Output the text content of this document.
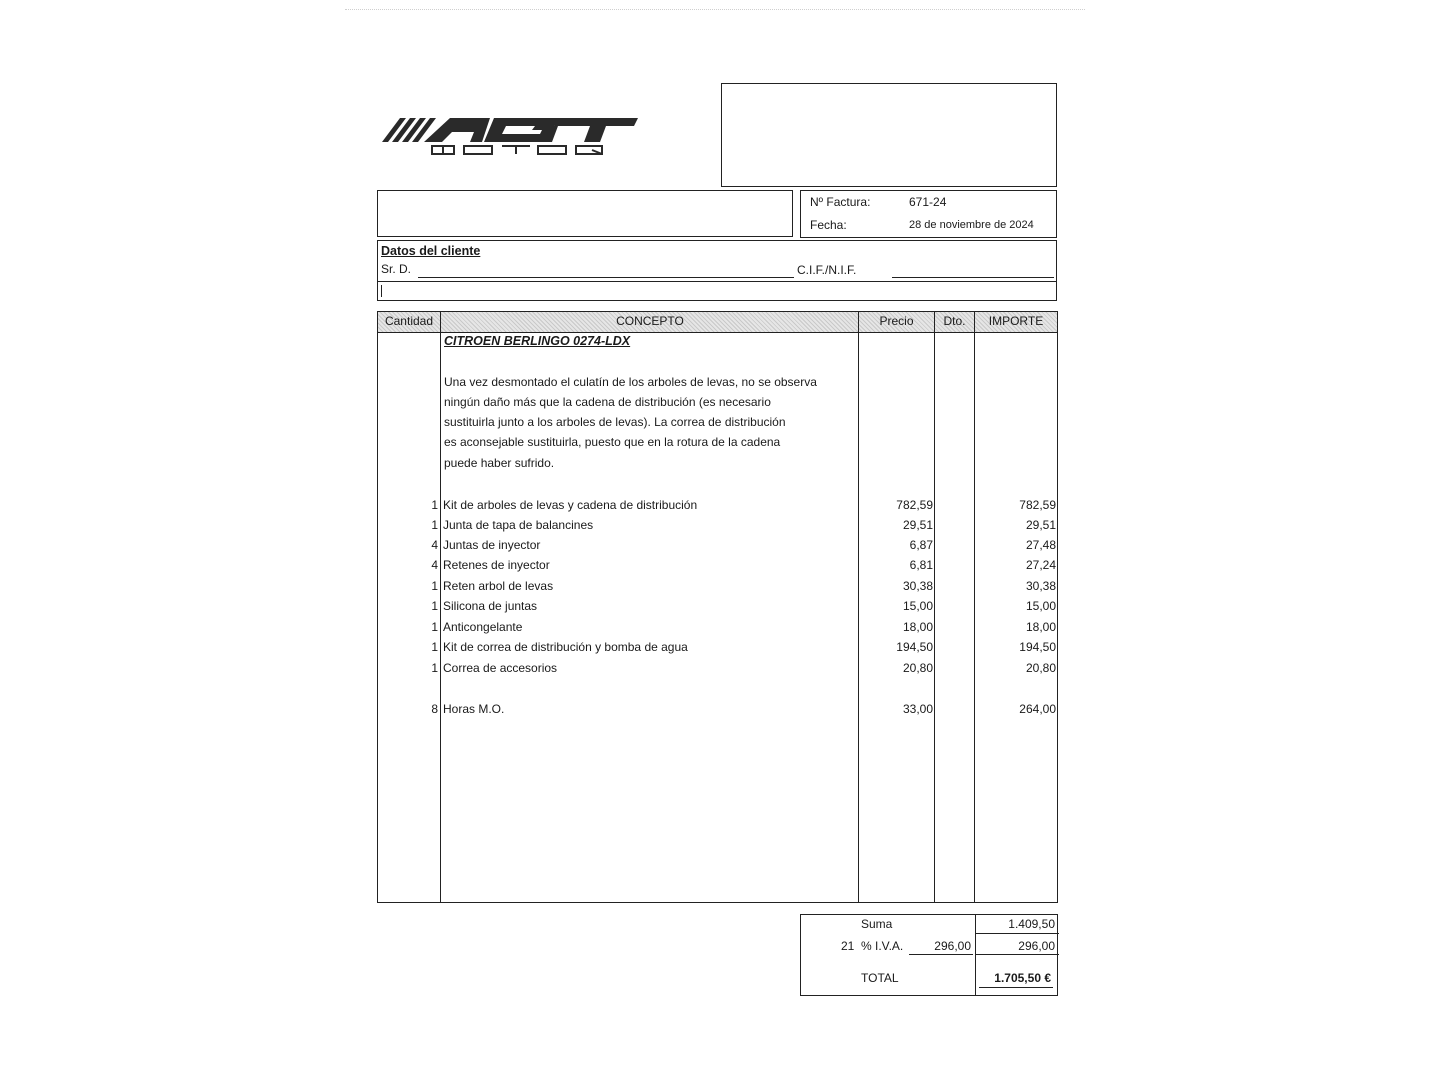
Nº Factura:	671-24
Fecha:	28 de noviembre de 2024
Datos del cliente
Sr. D.	C.I.F./N.I.F.
Cantidad	CONCEPTO	Precio	Dto.	IMPORTE
CITROEN BERLINGO 0274-LDX
Una vez desmontado el culatín de los arboles de levas, no se observa
ningún daño más que la cadena de distribución (es necesario
sustituirla junto a los arboles de levas). La correa de distribución
es aconsejable sustituirla, puesto que en la rotura de la cadena
puede haber sufrido.
1 Kit de arboles de levas y cadena de distribución	782,59	782,59
1 Junta de tapa de balancines	29,51	29,51
4 Juntas de inyector	6,87	27,48
4 Retenes de inyector	6,81	27,24
1 Reten arbol de levas	30,38	30,38
1 Silicona de juntas	15,00	15,00
1 Anticongelante	18,00	18,00
1 Kit de correa de distribución y bomba de agua	194,50	194,50
1 Correa de accesorios	20,80	20,80
8 Horas M.O.	33,00	264,00
Suma	1.409,50
21 % I.V.A.	296,00	296,00
TOTAL	1.705,50 €
